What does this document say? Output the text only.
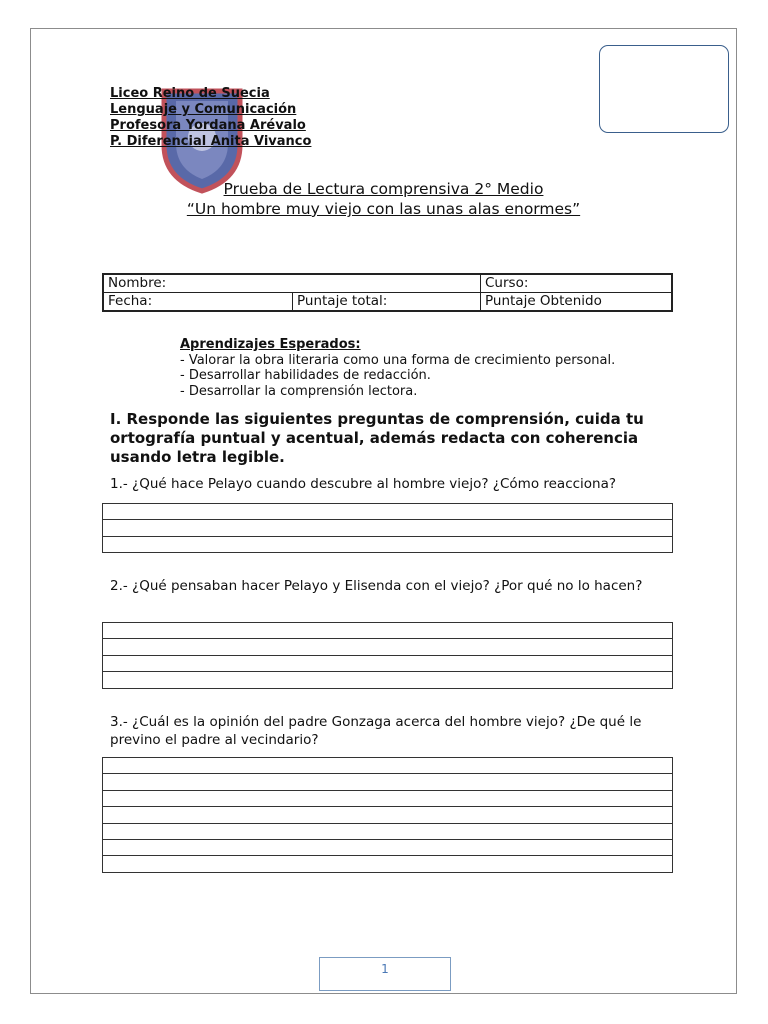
Liceo Reino de Suecia
Lenguaje y Comunicación
Profesora Yordana Arévalo
P. Diferencial Anita Vivanco
Prueba de Lectura comprensiva 2° Medio
“Un hombre muy viejo con las unas alas enormes”
Nombre:		Curso:
Fecha:	Puntaje total:	Puntaje Obtenido
Aprendizajes Esperados:
- Valorar la obra literaria como una forma de crecimiento personal.
- Desarrollar habilidades de redacción.
- Desarrollar la comprensión lectora.
I. Responde las siguientes preguntas de comprensión, cuida tu ortografía puntual y acentual, además redacta con coherencia usando letra legible.
1.- ¿Qué hace Pelayo cuando descubre al hombre viejo? ¿Cómo reacciona?
2.- ¿Qué pensaban hacer Pelayo y Elisenda con el viejo? ¿Por qué no lo hacen?
3.- ¿Cuál es la opinión del padre Gonzaga acerca del hombre viejo? ¿De qué le previno el padre al vecindario?
1
